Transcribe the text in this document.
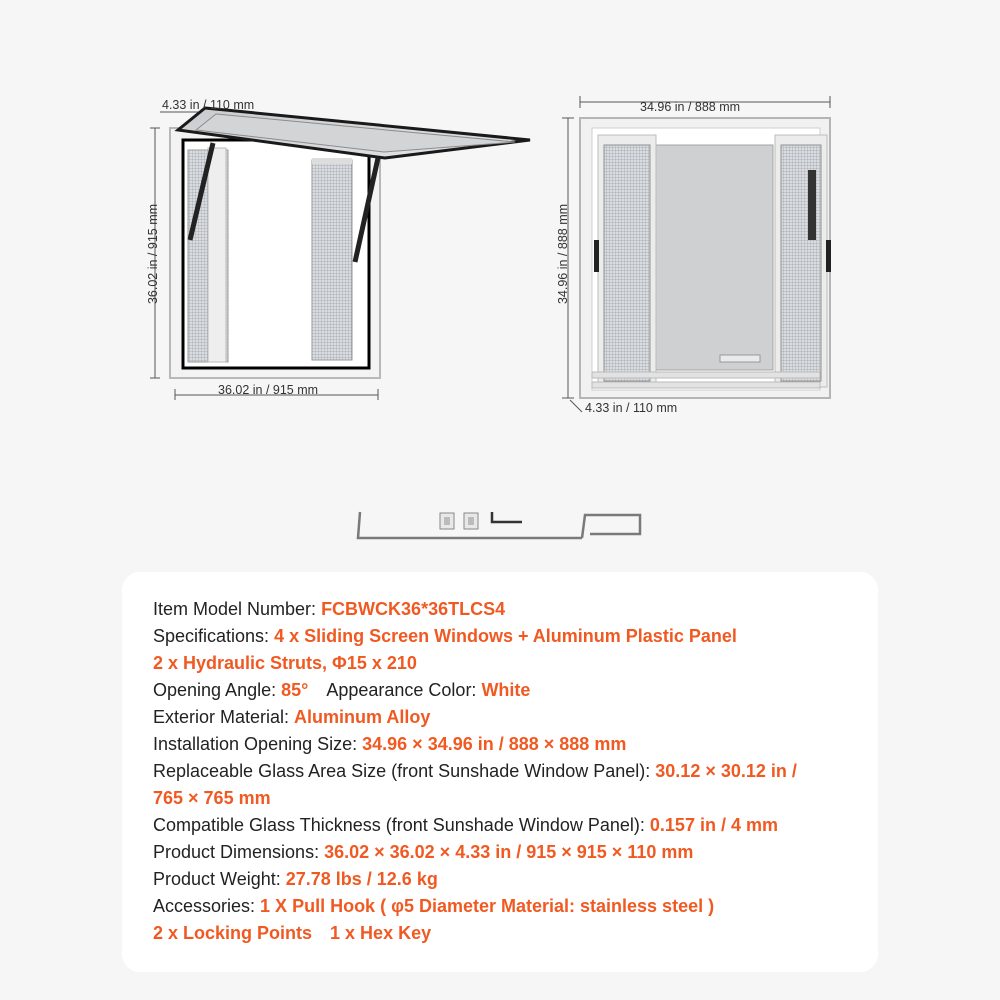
4.33 in / 110 mm
36.02 in / 915 mm
36.02 in / 915 mm
34.96 in / 888 mm
34.96 in / 888 mm
4.33 in / 110 mm
Item Model Number: FCBWCK36*36TLCS4
Specifications: 4 x Sliding Screen Windows + Aluminum Plastic Panel
2 x Hydraulic Struts, Φ15 x 210
Opening Angle: 85° Appearance Color: White
Exterior Material: Aluminum Alloy
Installation Opening Size: 34.96 × 34.96 in / 888 × 888 mm
Replaceable Glass Area Size (front Sunshade Window Panel): 30.12 × 30.12 in /
765 × 765 mm
Compatible Glass Thickness (front Sunshade Window Panel): 0.157 in / 4 mm
Product Dimensions: 36.02 × 36.02 × 4.33 in / 915 × 915 × 110 mm
Product Weight: 27.78 lbs / 12.6 kg
Accessories: 1 X Pull Hook ( φ5 Diameter Material: stainless steel )
2 x Locking Points 1 x Hex Key
